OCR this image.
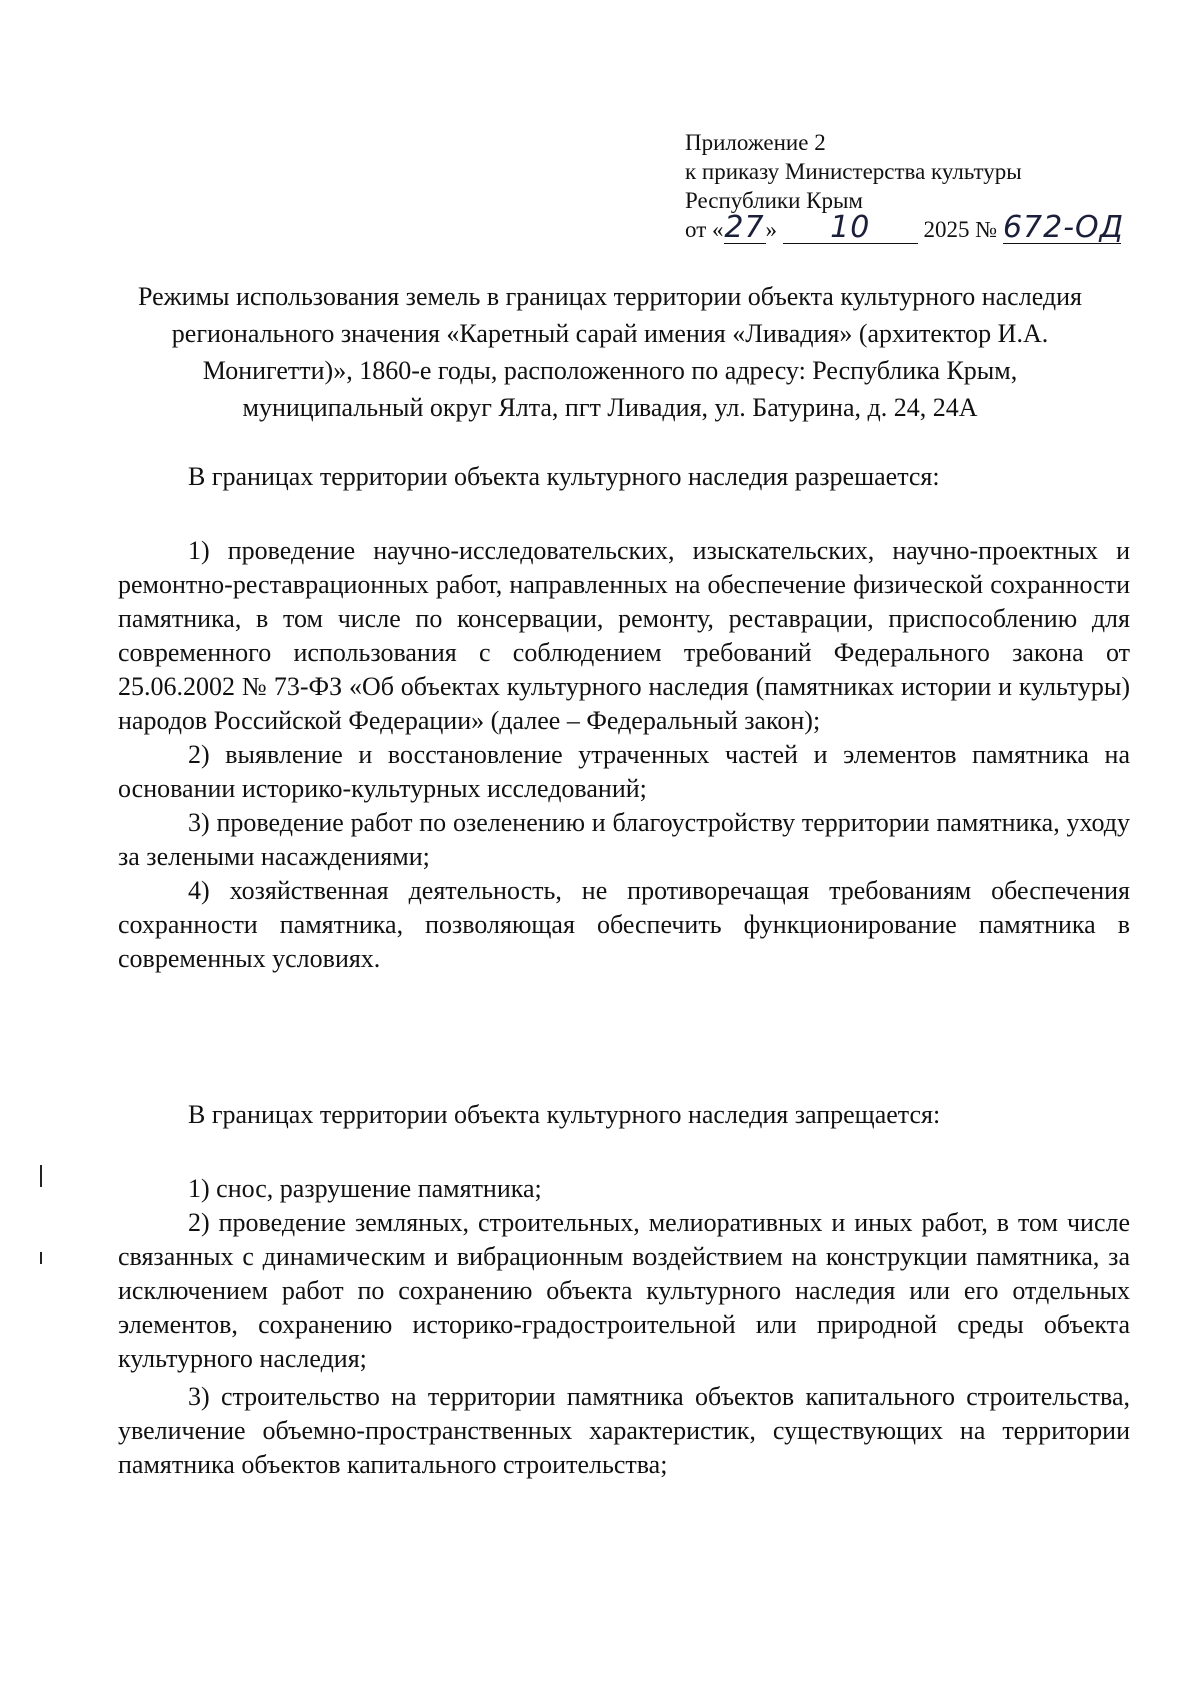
Приложение 2
к приказу Министерства культуры
Республики Крым
от «27» 10 2025 № 672-ОД
Режимы использования земель в границах территории объекта культурного наследия регионального значения «Каретный сарай имения «Ливадия» (архитектор И.А. Монигетти)», 1860-е годы, расположенного по адресу: Республика Крым, муниципальный округ Ялта, пгт Ливадия, ул. Батурина, д. 24, 24А

В границах территории объекта культурного наследия разрешается:

1) проведение научно-исследовательских, изыскательских, научно-проектных и ремонтно-реставрационных работ, направленных на обеспечение физической сохранности памятника, в том числе по консервации, ремонту, реставрации, приспособлению для современного использования с соблюдением требований Федерального закона от 25.06.2002 № 73-ФЗ «Об объектах культурного наследия (памятниках истории и культуры) народов Российской Федерации» (далее – Федеральный закон);

2) выявление и восстановление утраченных частей и элементов памятника на основании историко-культурных исследований;

3) проведение работ по озеленению и благоустройству территории памятника, уходу за зелеными насаждениями;

4) хозяйственная деятельность, не противоречащая требованиям обеспечения сохранности памятника, позволяющая обеспечить функционирование памятника в современных условиях.

В границах территории объекта культурного наследия запрещается:

1) снос, разрушение памятника;

2) проведение земляных, строительных, мелиоративных и иных работ, в том числе связанных с динамическим и вибрационным воздействием на конструкции памятника, за исключением работ по сохранению объекта культурного наследия или его отдельных элементов, сохранению историко-градостроительной или природной среды объекта культурного наследия;

3) строительство на территории памятника объектов капитального строительства, увеличение объемно-пространственных характеристик, существующих на территории памятника объектов капитального строительства;
